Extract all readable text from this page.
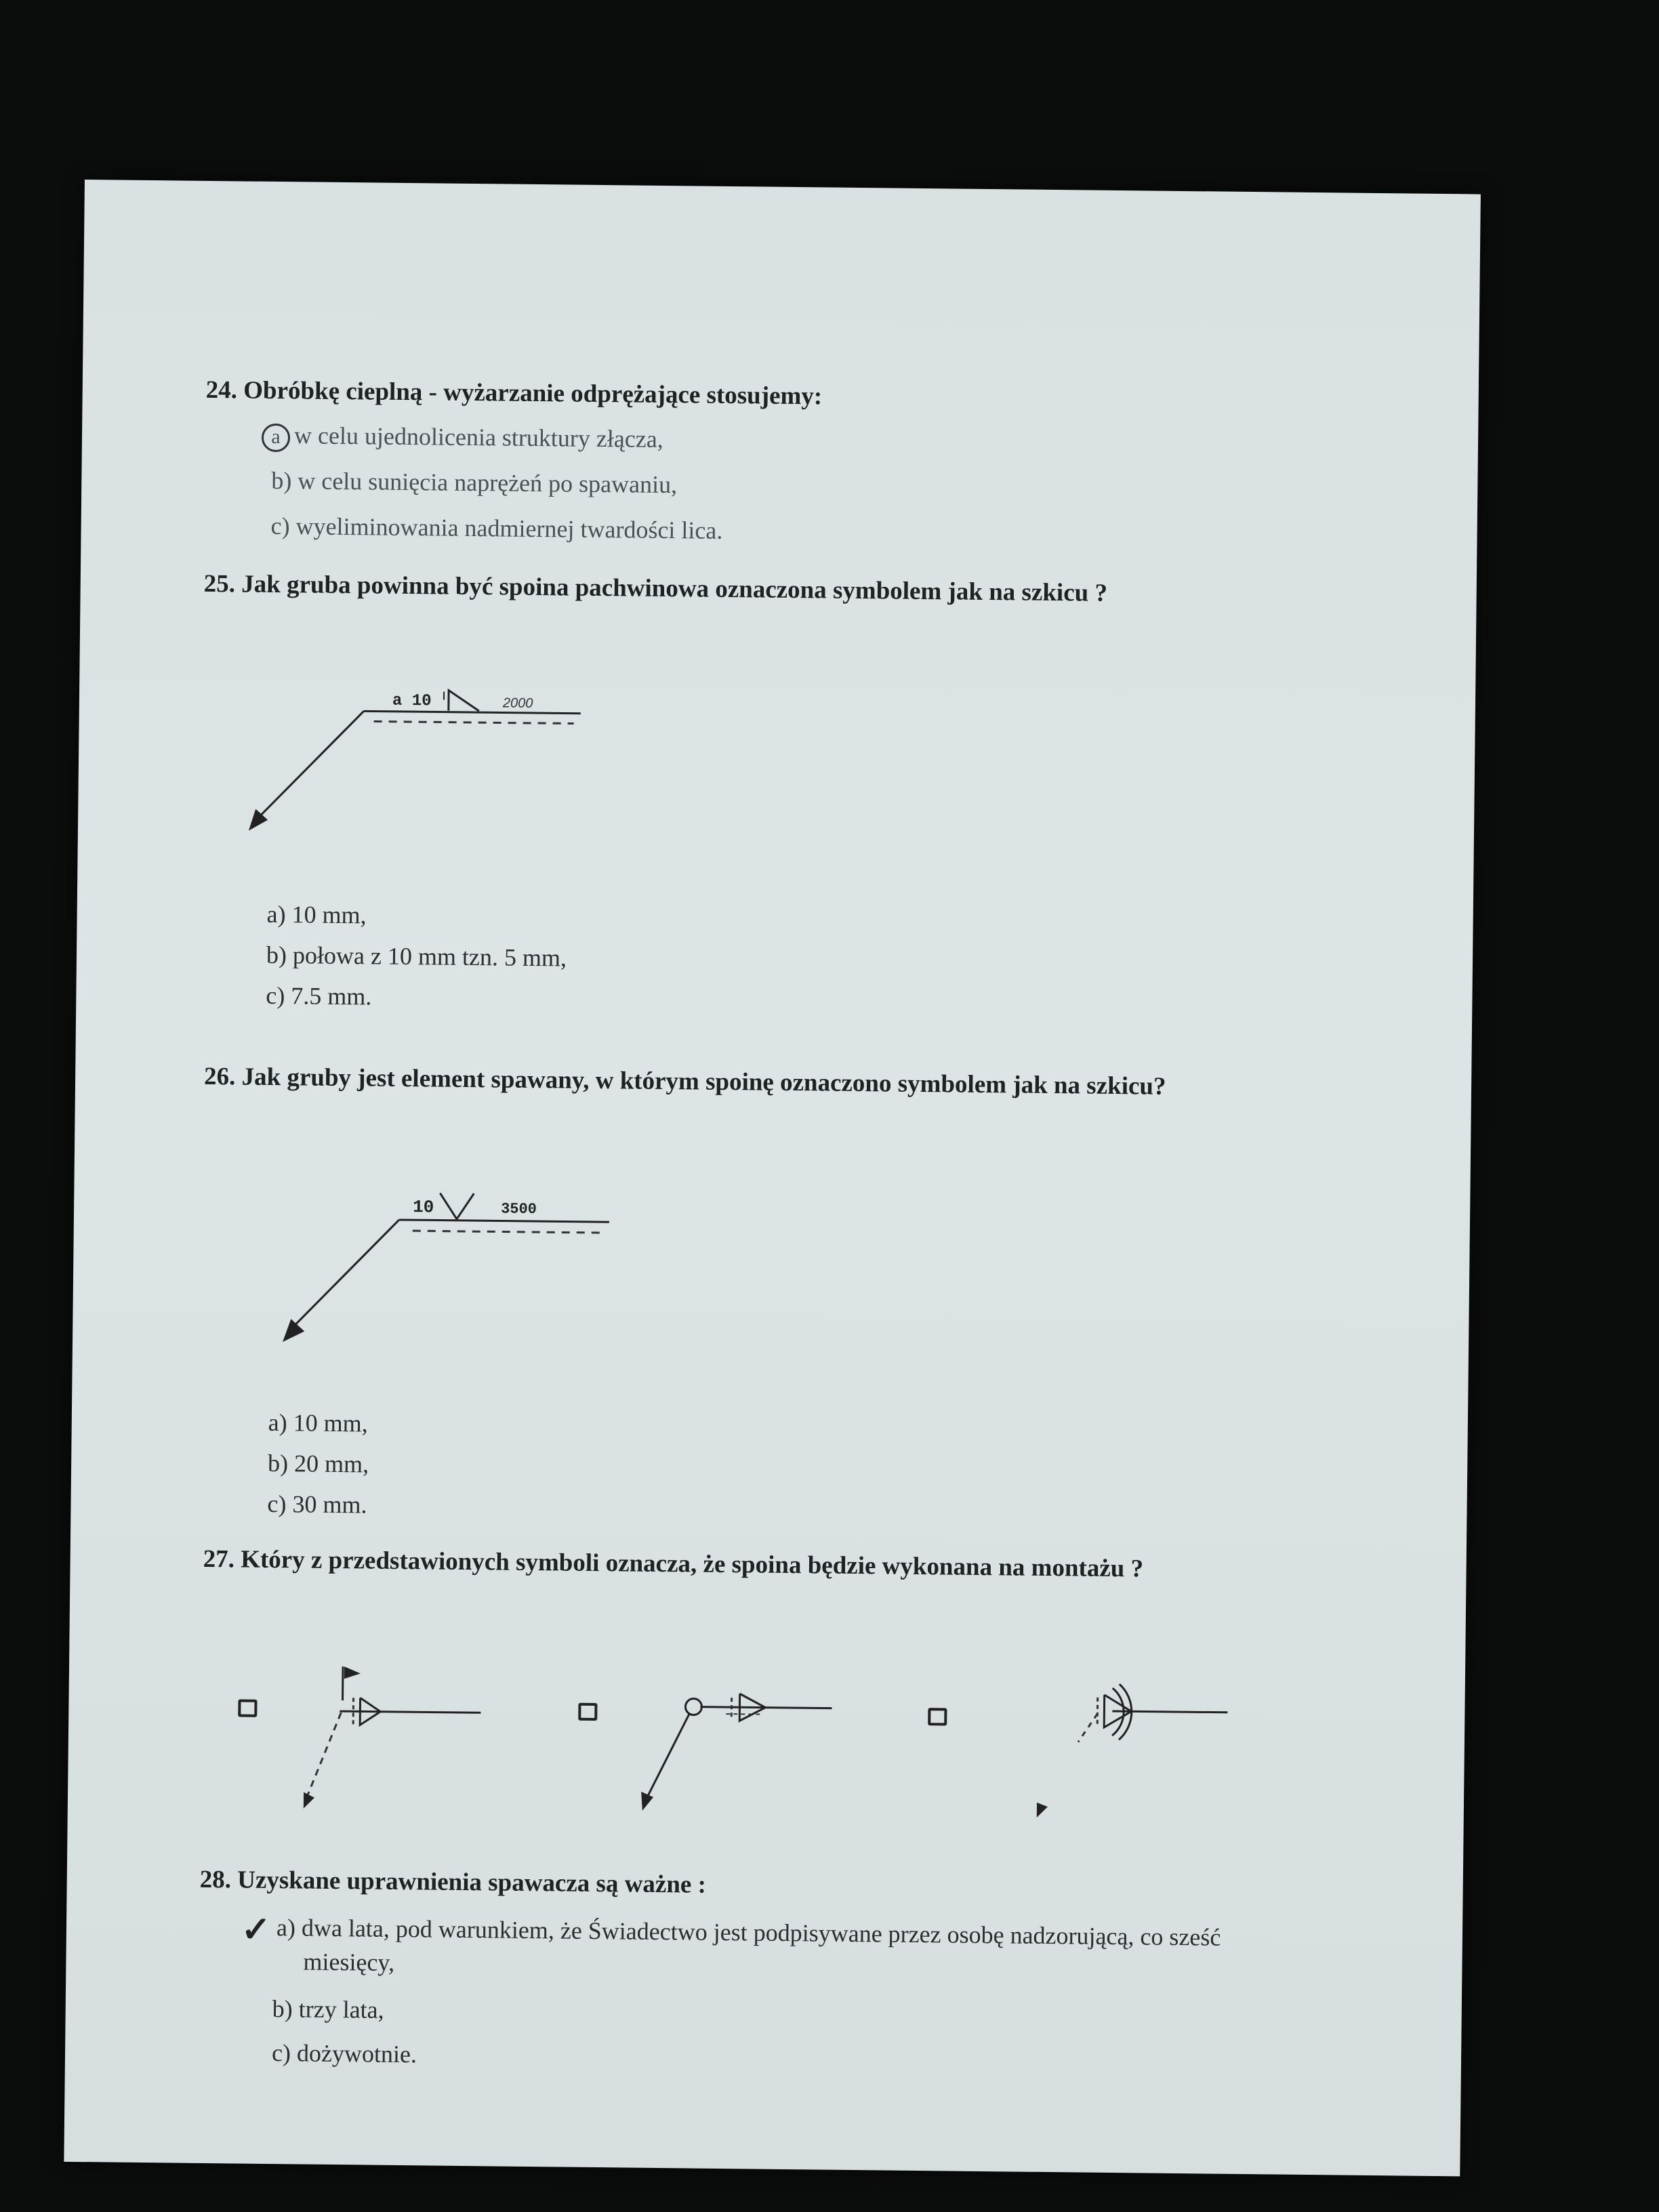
24. Obróbkę cieplną - wyżarzanie odprężające stosujemy:
a w celu ujednolicenia struktury złącza,
b) w celu sunięcia naprężeń po spawaniu,
c) wyeliminowania nadmiernej twardości lica.
25. Jak gruba powinna być spoina pachwinowa oznaczona symbolem jak na szkicu ?
a 10	2000
a) 10 mm,
b) połowa z 10 mm tzn. 5 mm,
c) 7.5 mm.
26. Jak gruby jest element spawany, w którym spoinę oznaczono symbolem jak na szkicu?
10	3500
a) 10 mm,
b) 20 mm,
c) 30 mm.
27. Który z przedstawionych symboli oznacza, że spoina będzie wykonana na montażu ?
28. Uzyskane uprawnienia spawacza są ważne :
✓ a) dwa lata, pod warunkiem, że Świadectwo jest podpisywane przez osobę nadzorującą, co sześć
miesięcy,
b) trzy lata,
c) dożywotnie.
